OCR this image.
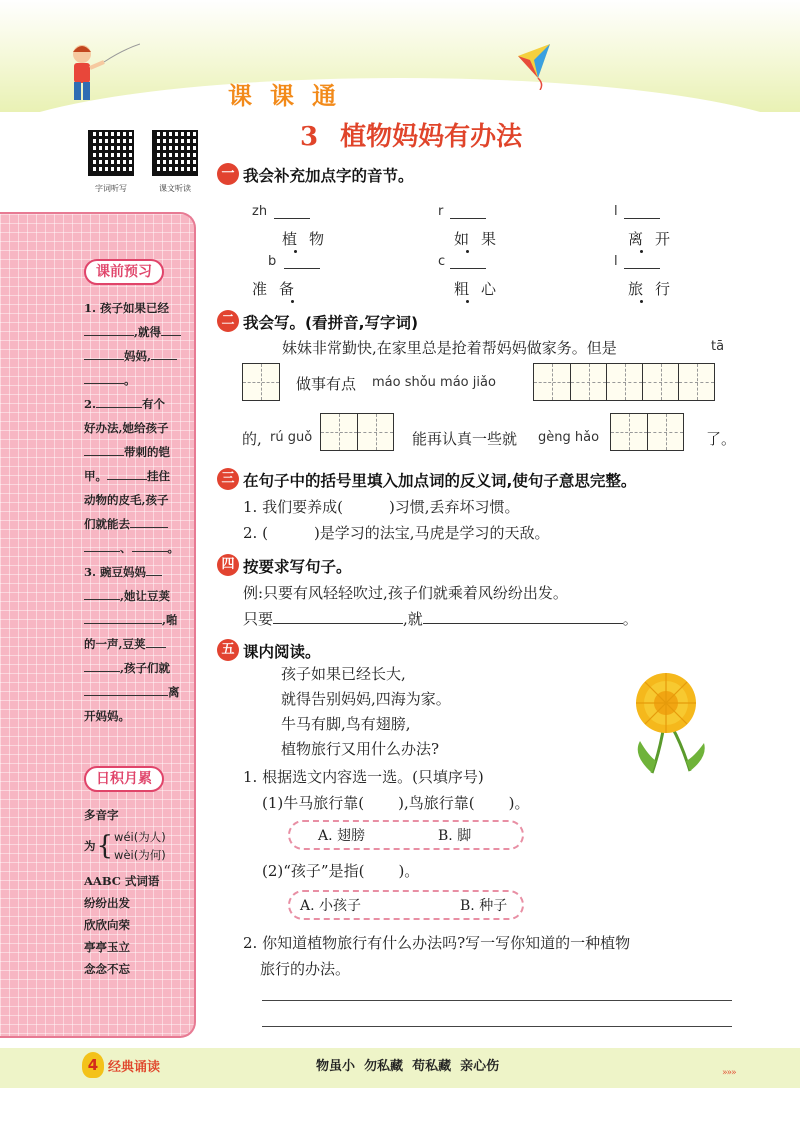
课课通
3 植物妈妈有办法
字词听写	课文听读
课前预习
1. 孩子如果已经
,就得
妈妈,
。
2.	有个
好办法,她给孩子
带刺的铠
甲。	挂住
动物的皮毛,孩子
们就能去
、	。
3. 豌豆妈妈
,她让豆荚
,啪
的一声,豆荚
,孩子们就
离
开妈妈。
日积月累
多音字
为 { wéi(为人)
wèi(为何)
AABC 式词语
纷纷出发
欣欣向荣
亭亭玉立
念念不忘
一 我会补充加点字的音节。
zh
植物
r
如果
l
离开
b
准备
c
粗心
l
旅行
二 我会写。(看拼音,写字词)
妹妹非常勤快,在家里总是抢着帮妈妈做家务。但是	tā
做事有点 máo shǒu máo jiǎo
的, rú guǒ	能再认真一些就 gèng hǎo	了。
三 在句子中的括号里填入加点词的反义词,使句子意思完整。
1. 我们要养成(	)习惯,丢弃坏习惯。
2. (	)是学习的法宝,马虎是学习的天敌。
四 按要求写句子。
例:只要有风轻轻吹过,孩子们就乘着风纷纷出发。
只要	,就	。
五 课内阅读。
孩子如果已经长大,
就得告别妈妈,四海为家。
牛马有脚,鸟有翅膀,
植物旅行又用什么办法?
1. 根据选文内容选一选。(只填序号)
(1)牛马旅行靠( ),鸟旅行靠( )。
A. 翅膀	B. 脚
(2)“孩子”是指( )。
A. 小孩子	B. 种子
2. 你知道植物旅行有什么办法吗?写一写你知道的一种植物
旅行的办法。
4 经典诵读	物虽小  勿私藏  苟私藏  亲心伤	»»»
